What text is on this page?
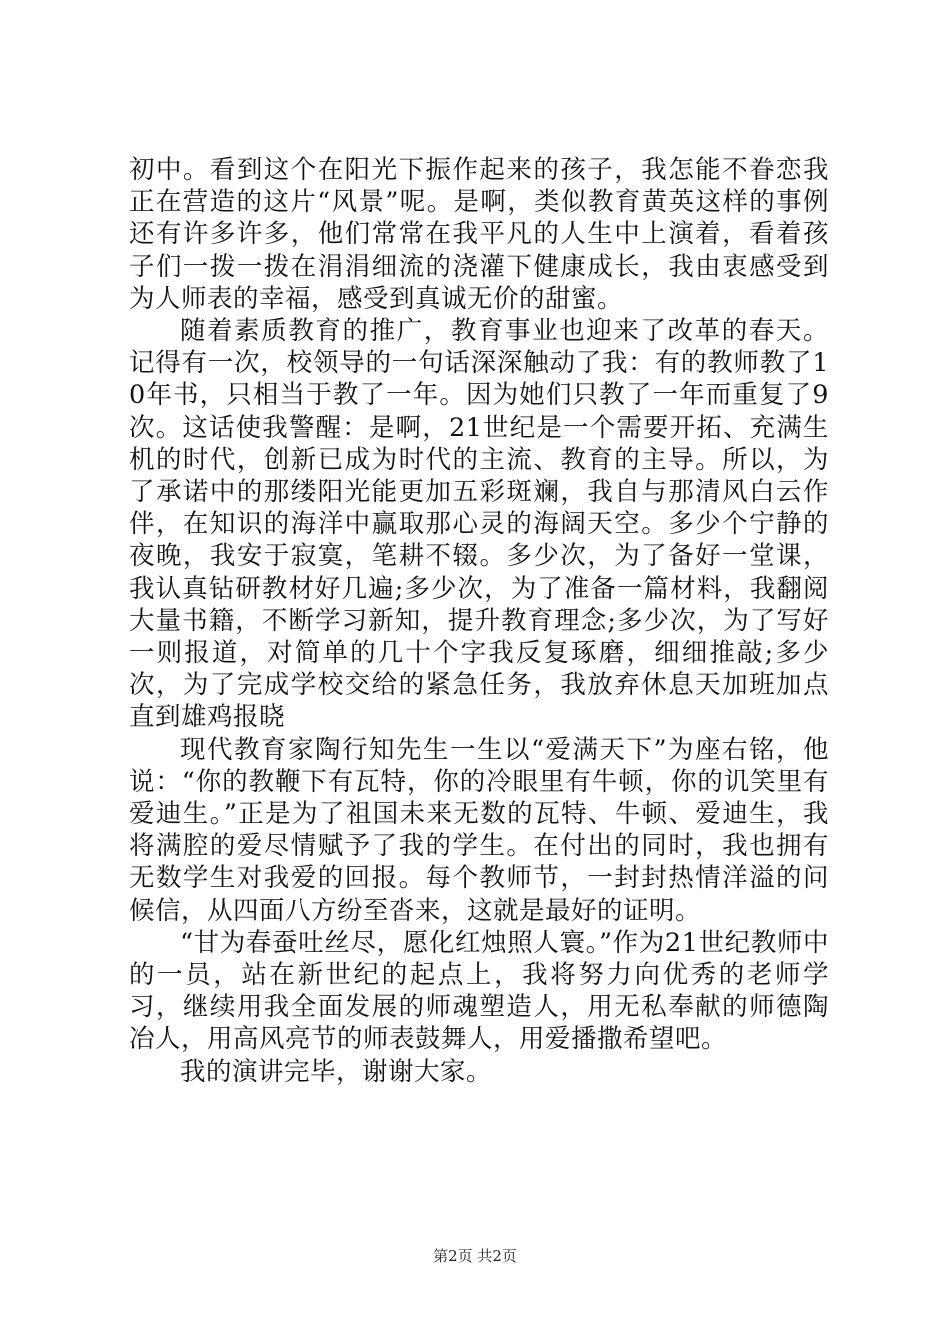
初中。看到这个在阳光下振作起来的孩子，我怎能不眷恋我正在营造的这片“风景”呢。是啊，类似教育黄英这样的事例还有许多许多，他们常常在我平凡的人生中上演着，看着孩子们一拨一拨在涓涓细流的浇灌下健康成长，我由衷感受到为人师表的幸福，感受到真诚无价的甜蜜。

随着素质教育的推广，教育事业也迎来了改革的春天。记得有一次，校领导的一句话深深触动了我：有的教师教了10年书，只相当于教了一年。因为她们只教了一年而重复了9次。这话使我警醒：是啊，21世纪是一个需要开拓、充满生机的时代，创新已成为时代的主流、教育的主导。所以，为了承诺中的那缕阳光能更加五彩斑斓，我自与那清风白云作伴，在知识的海洋中赢取那心灵的海阔天空。多少个宁静的夜晚，我安于寂寞，笔耕不辍。多少次，为了备好一堂课，我认真钻研教材好几遍;多少次，为了准备一篇材料，我翻阅大量书籍，不断学习新知，提升教育理念;多少次，为了写好一则报道，对简单的几十个字我反复琢磨，细细推敲;多少次，为了完成学校交给的紧急任务，我放弃休息天加班加点直到雄鸡报晓

现代教育家陶行知先生一生以“爱满天下”为座右铭，他说：“你的教鞭下有瓦特，你的冷眼里有牛顿，你的讥笑里有爱迪生。”正是为了祖国未来无数的瓦特、牛顿、爱迪生，我将满腔的爱尽情赋予了我的学生。在付出的同时，我也拥有无数学生对我爱的回报。每个教师节，一封封热情洋溢的问候信，从四面八方纷至沓来，这就是最好的证明。

“甘为春蚕吐丝尽，愿化红烛照人寰。”作为21世纪教师中的一员，站在新世纪的起点上，我将努力向优秀的老师学习，继续用我全面发展的师魂塑造人，用无私奉献的师德陶冶人，用高风亮节的师表鼓舞人，用爱播撒希望吧。

我的演讲完毕，谢谢大家。

第2页 共2页
